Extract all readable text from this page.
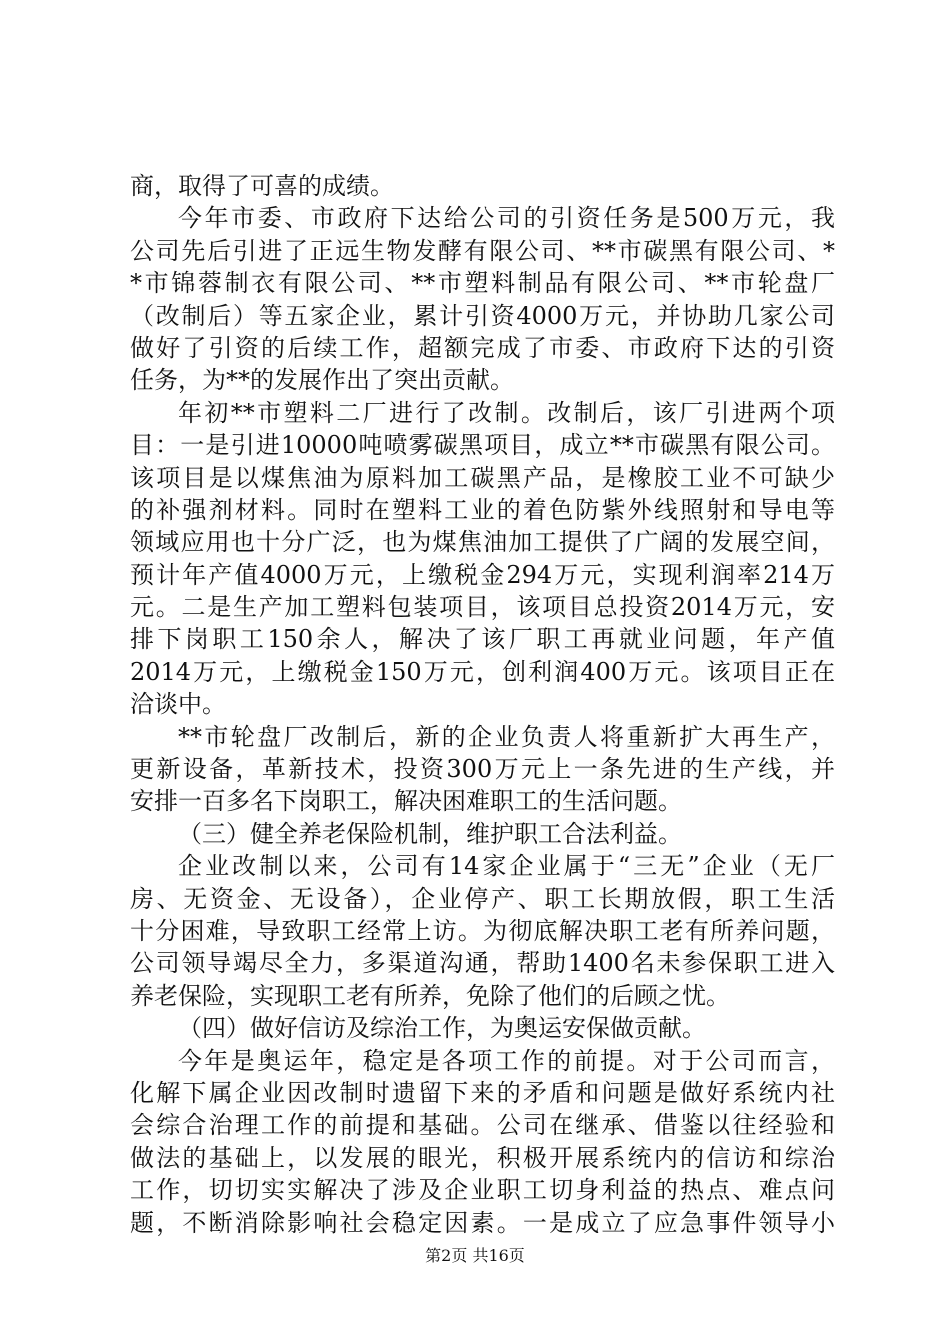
商，取得了可喜的成绩。
今年市委、市政府下达给公司的引资任务是500万元，我
公司先后引进了正远生物发酵有限公司、**市碳黑有限公司、*
*市锦蓉制衣有限公司、**市塑料制品有限公司、**市轮盘厂
（改制后）等五家企业，累计引资4000万元，并协助几家公司
做好了引资的后续工作，超额完成了市委、市政府下达的引资
任务，为**的发展作出了突出贡献。
年初**市塑料二厂进行了改制。改制后，该厂引进两个项
目：一是引进10000吨喷雾碳黑项目，成立**市碳黑有限公司。
该项目是以煤焦油为原料加工碳黑产品，是橡胶工业不可缺少
的补强剂材料。同时在塑料工业的着色防紫外线照射和导电等
领域应用也十分广泛，也为煤焦油加工提供了广阔的发展空间，
预计年产值4000万元，上缴税金294万元，实现利润率214万
元。二是生产加工塑料包装项目，该项目总投资2014万元，安
排下岗职工150余人，解决了该厂职工再就业问题，年产值
2014万元，上缴税金150万元，创利润400万元。该项目正在
洽谈中。
**市轮盘厂改制后，新的企业负责人将重新扩大再生产，
更新设备，革新技术，投资300万元上一条先进的生产线，并
安排一百多名下岗职工，解决困难职工的生活问题。
（三）健全养老保险机制，维护职工合法利益。
企业改制以来，公司有14家企业属于“三无”企业（无厂
房、无资金、无设备），企业停产、职工长期放假，职工生活
十分困难，导致职工经常上访。为彻底解决职工老有所养问题，
公司领导竭尽全力，多渠道沟通，帮助1400名未参保职工进入
养老保险，实现职工老有所养，免除了他们的后顾之忧。
（四）做好信访及综治工作，为奥运安保做贡献。
今年是奥运年，稳定是各项工作的前提。对于公司而言，
化解下属企业因改制时遗留下来的矛盾和问题是做好系统内社
会综合治理工作的前提和基础。公司在继承、借鉴以往经验和
做法的基础上，以发展的眼光，积极开展系统内的信访和综治
工作，切切实实解决了涉及企业职工切身利益的热点、难点问
题，不断消除影响社会稳定因素。一是成立了应急事件领导小
第2页 共16页
